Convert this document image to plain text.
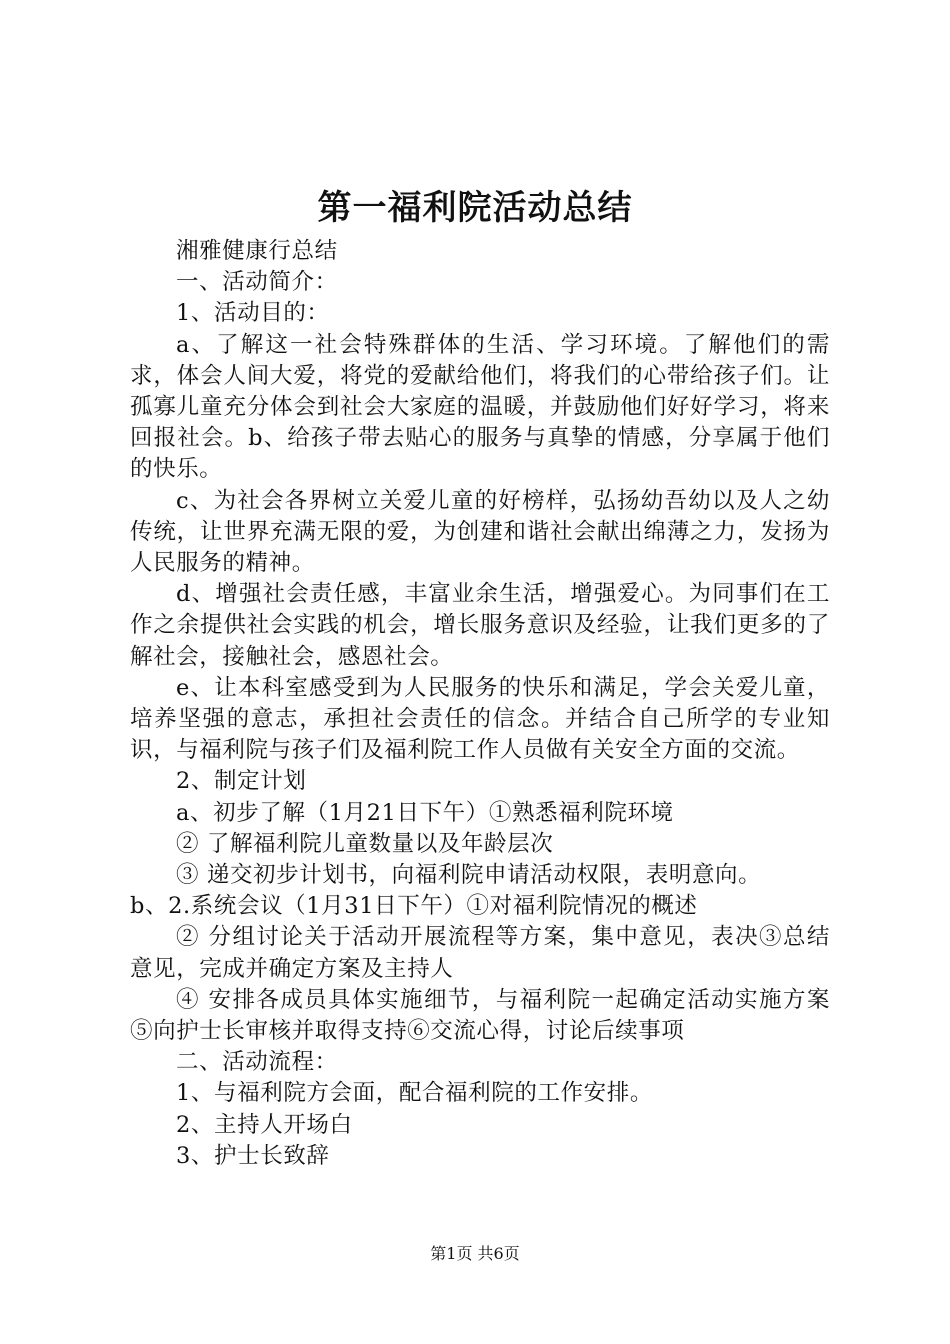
第一福利院活动总结

湘雅健康行总结

一、活动简介：

1、活动目的：

a、了解这一社会特殊群体的生活、学习环境。了解他们的需求，体会人间大爱，将党的爱献给他们，将我们的心带给孩子们。让孤寡儿童充分体会到社会大家庭的温暖，并鼓励他们好好学习，将来回报社会。b、给孩子带去贴心的服务与真挚的情感，分享属于他们的快乐。

c、为社会各界树立关爱儿童的好榜样，弘扬幼吾幼以及人之幼传统，让世界充满无限的爱，为创建和谐社会献出绵薄之力，发扬为人民服务的精神。

d、增强社会责任感，丰富业余生活，增强爱心。为同事们在工作之余提供社会实践的机会，增长服务意识及经验，让我们更多的了解社会，接触社会，感恩社会。

e、让本科室感受到为人民服务的快乐和满足，学会关爱儿童，培养坚强的意志，承担社会责任的信念。并结合自己所学的专业知识，与福利院与孩子们及福利院工作人员做有关安全方面的交流。

2、制定计划

a、初步了解（1月21日下午）①熟悉福利院环境

② 了解福利院儿童数量以及年龄层次

③ 递交初步计划书，向福利院申请活动权限，表明意向。

b、2.系统会议（1月31日下午）①对福利院情况的概述

② 分组讨论关于活动开展流程等方案，集中意见，表决③总结意见，完成并确定方案及主持人

④ 安排各成员具体实施细节，与福利院一起确定活动实施方案⑤向护士长审核并取得支持⑥交流心得，讨论后续事项

二、活动流程：

1、与福利院方会面，配合福利院的工作安排。

2、主持人开场白

3、护士长致辞

第1页 共6页
